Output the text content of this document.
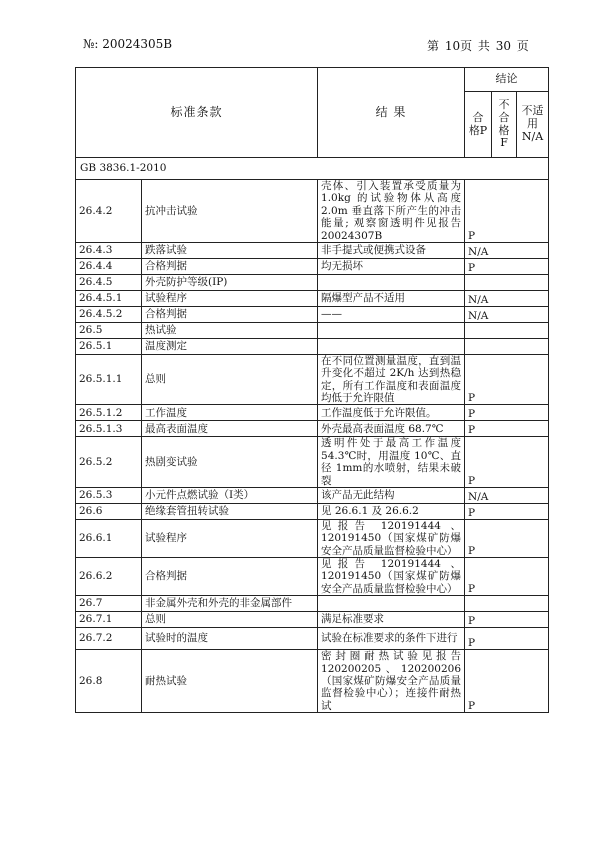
№: 20024305B	第 10页 共 30 页
标准条款		结 果	结论		
			合格P	不合格F	不适用N/A
GB 3836.1-2010					
26.4.2	抗冲击试验	壳体、引入装置承受质量为1.0kg 的试验物体从高度2.0m 垂直落下所产生的冲击能量; 观察窗透明件见报告20024307B	P		
26.4.3	跌落试验	非手提式或便携式设备	N/A		
26.4.4	合格判据	均无损坏	P		
26.4.5	外壳防护等级(IP)				
26.4.5.1	试验程序	隔爆型产品不适用	N/A		
26.4.5.2	合格判据	——	N/A		
26.5	热试验				
26.5.1	温度测定				
26.5.1.1	总则	在不同位置测量温度，直到温升变化不超过 2K/h 达到热稳定，所有工作温度和表面温度均低于允许限值	P		
26.5.1.2	工作温度	工作温度低于允许限值。	P		
26.5.1.3	最高表面温度	外壳最高表面温度 68.7℃	P		
26.5.2	热剧变试验	透明件处于最高工作温度54.3℃时，用温度 10℃、直径 1mm的水喷射，结果未破裂	P		
26.5.3	小元件点燃试验（Ⅰ类）	该产品无此结构	N/A		
26.6	绝缘套管扭转试验	见 26.6.1 及 26.6.2	P		
26.6.1	试验程序	见报告 120191444 、120191450（国家煤矿防爆安全产品质量监督检验中心）	P		
26.6.2	合格判据	见报告 120191444 、120191450（国家煤矿防爆安全产品质量监督检验中心）	P		
26.7	非金属外壳和外壳的非金属部件				
26.7.1	总则	满足标准要求	P		
26.7.2	试验时的温度	试验在标准要求的条件下进行	P		
26.8	耐热试验	密封圈耐热试验见报告120200205、120200206（国家煤矿防爆安全产品质量监督检验中心）；连接件耐热试	P		
